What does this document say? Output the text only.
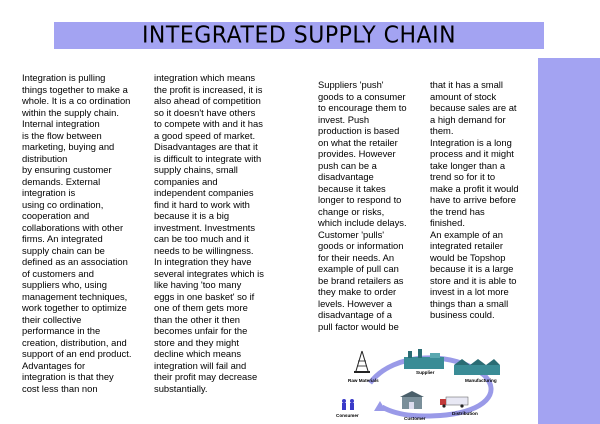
INTEGRATED SUPPLY CHAIN
Integration is pulling
things together to make a
whole. It is a co ordination
within the supply chain.
Internal integration
is the flow between
marketing, buying and
distribution
by ensuring customer
demands. External
integration is
using co ordination,
cooperation and
collaborations with other
firms. An integrated
supply chain can be
defined as an association
of customers and
suppliers who, using
management techniques,
work together to optimize
their collective
performance in the
creation, distribution, and
support of an end product.
Advantages for
integration is that they
cost less than non
integration which means
the profit is increased, it is
also ahead of competition
so it doesn't have others
to compete with and it has
a good speed of market.
Disadvantages are that it
is difficult to integrate with
supply chains, small
companies and
independent companies
find it hard to work with
because it is a big
investment. Investments
can be too much and it
needs to be willingness.
In integration they have
several integrates which is
like having 'too many
eggs in one basket' so if
one of them gets more
than the other it then
becomes unfair for the
store and they might
decline which means
integration will fail and
their profit may decrease
substantially.
Suppliers 'push'
goods to a consumer
to encourage them to
invest. Push
production is based
on what the retailer
provides. However
push can be a
disadvantage
because it takes
longer to respond to
change or risks,
which include delays.
Customer 'pulls'
goods or information
for their needs. An
example of pull can
be brand retailers as
they make to order
levels. However a
disadvantage of a
pull factor would be
that it has a small
amount of stock
because sales are at
a high demand for
them.
Integration is a long
process and it might
take longer than a
trend so for it to
make a profit it would
have to arrive before
the trend has
finished.
An example of an
integrated retailer
would be Topshop
because it is a large
store and it is able to
invest in a lot more
things than a small
business could.
Raw Materials
Supplier
Manufacturing
Consumer
Customer
Distribution
